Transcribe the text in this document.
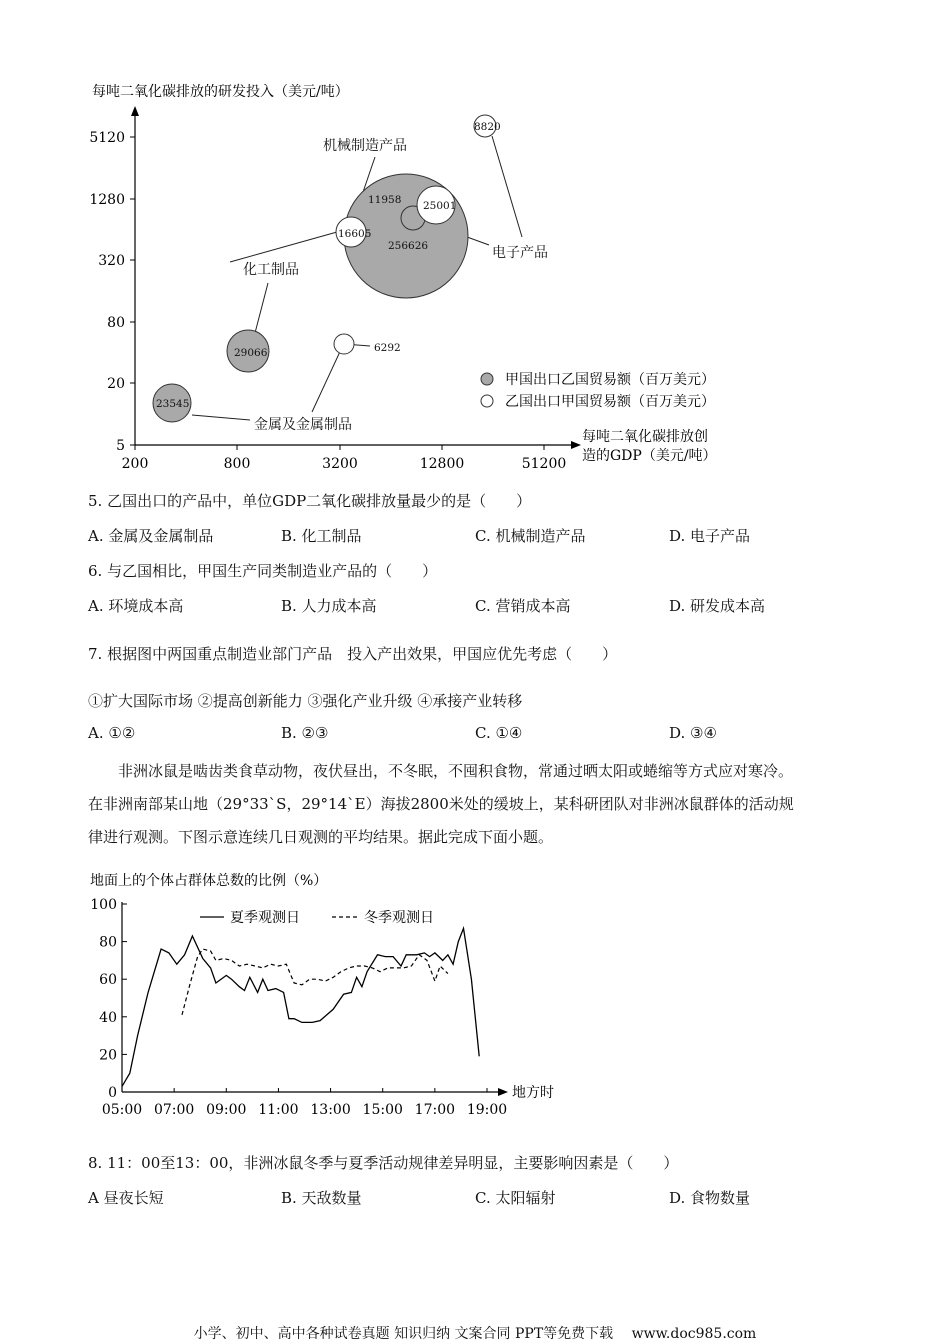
每吨二氧化碳排放的研发投入（美元/吨）
5
20
80
320
1280
5120
200	800	3200	12800	51200
23545
29066
256626
11958
6292
16605
25001
8820
机械制造产品
化工制品
电子产品
金属及金属制品
甲国出口乙国贸易额（百万美元）
乙国出口甲国贸易额（百万美元）
每吨二氧化碳排放创
造的GDP（美元/吨）
5. 乙国出口的产品中，单位GDP二氧化碳排放量最少的是（　　）
A. 金属及金属制品	B. 化工制品	C. 机械制造产品	D. 电子产品
6. 与乙国相比，甲国生产同类制造业产品的（　　）
A. 环境成本高	B. 人力成本高	C. 营销成本高	D. 研发成本高
7. 根据图中两国重点制造业部门产品　投入产出效果，甲国应优先考虑（　　）
①扩大国际市场 ②提高创新能力 ③强化产业升级 ④承接产业转移
A. ①②	B. ②③	C. ①④	D. ③④
　　非洲冰鼠是啮齿类食草动物，夜伏昼出，不冬眠，不囤积食物，常通过晒太阳或蜷缩等方式应对寒冷。
在非洲南部某山地（29°33`S，29°14`E）海拔2800米处的缓坡上，某科研团队对非洲冰鼠群体的活动规
律进行观测。下图示意连续几日观测的平均结果。据此完成下面小题。
地面上的个体占群体总数的比例（%）
0
20
40
60
80
100
05:00 07:00 09:00 11:00 13:00 15:00 17:00 19:00
地方时
夏季观测日	冬季观测日
8. 11：00至13：00，非洲冰鼠冬季与夏季活动规律差异明显，主要影响因素是（　　）
A 昼夜长短	B. 天敌数量	C. 太阳辐射	D. 食物数量
小学、初中、高中各种试卷真题 知识归纳 文案合同 PPT等免费下载　 www.doc985.com
